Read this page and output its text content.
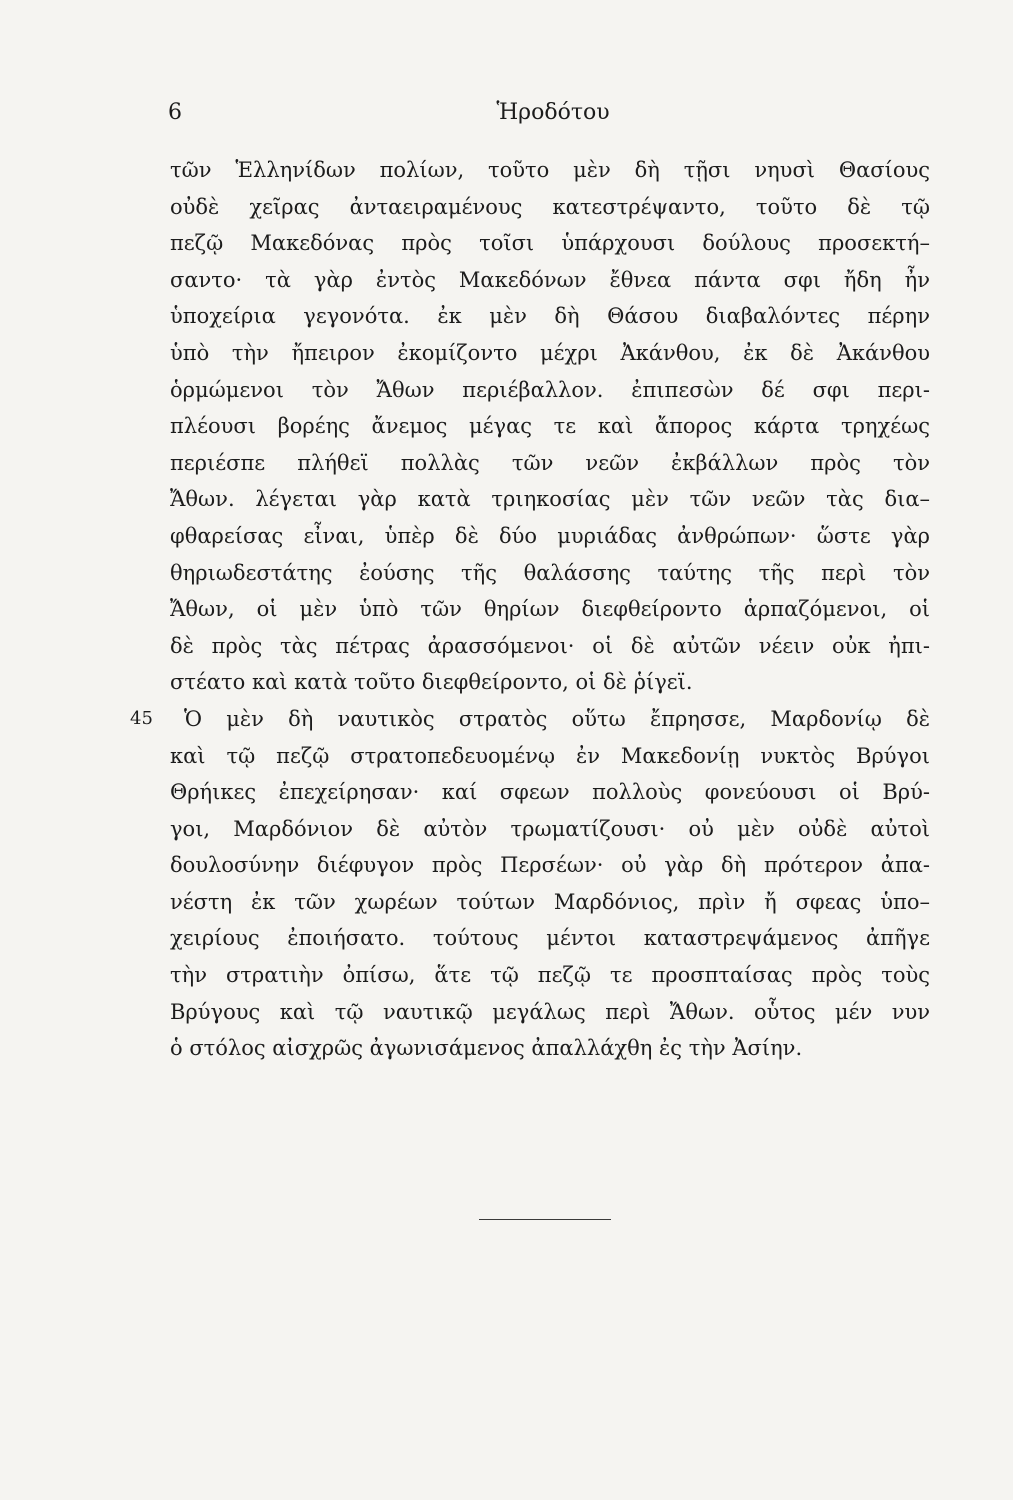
6	Ἡροδότου
τῶν Ἑλληνίδων πολίων, τοῦτο μὲν δὴ τῇσι νηυσὶ Θασίους
οὐδὲ χεῖρας ἀνταειραμένους κατεστρέψαντο, τοῦτο δὲ τῷ
πεζῷ Μακεδόνας πρὸς τοῖσι ὑπάρχουσι δούλους προσεκτή–
σαντο· τὰ γὰρ ἐντὸς Μακεδόνων ἔθνεα πάντα σφι ἤδη ἦν
ὑποχείρια γεγονότα. ἐκ μὲν δὴ Θάσου διαβαλόντες πέρην
ὑπὸ τὴν ἤπειρον ἐκομίζοντο μέχρι Ἀκάνθου, ἐκ δὲ Ἀκάνθου
ὁρμώμενοι τὸν Ἄθων περιέβαλλον. ἐπιπεσὼν δέ σφι περι-
πλέουσι βορέης ἄνεμος μέγας τε καὶ ἄπορος κάρτα τρηχέως
περιέσπε πλήθεϊ πολλὰς τῶν νεῶν ἐκβάλλων πρὸς τὸν
Ἄθων. λέγεται γὰρ κατὰ τριηκοσίας μὲν τῶν νεῶν τὰς δια–
φθαρείσας εἶναι, ὑπὲρ δὲ δύο μυριάδας ἀνθρώπων· ὥστε γὰρ
θηριωδεστάτης ἐούσης τῆς θαλάσσης ταύτης τῆς περὶ τὸν
Ἄθων, οἱ μὲν ὑπὸ τῶν θηρίων διεφθείροντο ἁρπαζόμενοι, οἱ
δὲ πρὸς τὰς πέτρας ἀρασσόμενοι· οἱ δὲ αὐτῶν νέειν οὐκ ἠπι-
στέατο καὶ κατὰ τοῦτο διεφθείροντο, οἱ δὲ ῥίγεϊ.
45 Ὁ μὲν δὴ ναυτικὸς στρατὸς οὕτω ἔπρησσε, Μαρδονίῳ δὲ
καὶ τῷ πεζῷ στρατοπεδευομένῳ ἐν Μακεδονίῃ νυκτὸς Βρύγοι
Θρήικες ἐπεχείρησαν· καί σφεων πολλοὺς φονεύουσι οἱ Βρύ-
γοι, Μαρδόνιον δὲ αὐτὸν τρωματίζουσι· οὐ μὲν οὐδὲ αὐτοὶ
δουλοσύνην διέφυγον πρὸς Περσέων· οὐ γὰρ δὴ πρότερον ἀπα-
νέστη ἐκ τῶν χωρέων τούτων Μαρδόνιος, πρὶν ἤ σφεας ὑπο–
χειρίους ἐποιήσατο. τούτους μέντοι καταστρεψάμενος ἀπῆγε
τὴν στρατιὴν ὀπίσω, ἅτε τῷ πεζῷ τε προσπταίσας πρὸς τοὺς
Βρύγους καὶ τῷ ναυτικῷ μεγάλως περὶ Ἄθων. οὗτος μέν νυν
ὁ στόλος αἰσχρῶς ἀγωνισάμενος ἀπαλλάχθη ἐς τὴν Ἀσίην.
